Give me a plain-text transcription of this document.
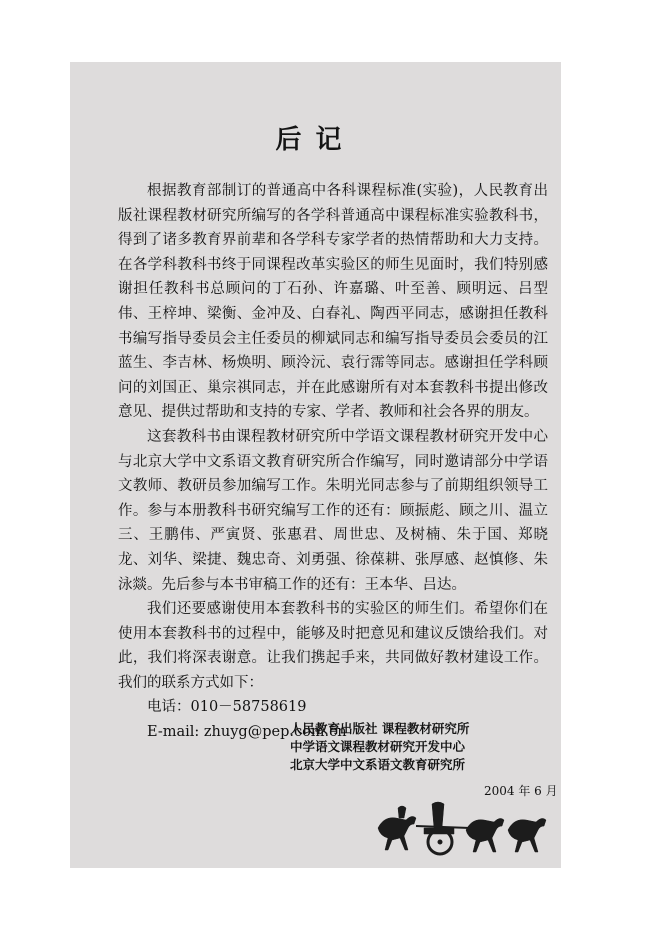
后记

根据教育部制订的普通高中各科课程标准(实验)，人民教育出版社课程教材研究所编写的各学科普通高中课程标准实验教科书，得到了诸多教育界前辈和各学科专家学者的热情帮助和大力支持。在各学科教科书终于同课程改革实验区的师生见面时，我们特别感谢担任教科书总顾问的丁石孙、许嘉璐、叶至善、顾明远、吕型伟、王梓坤、梁衡、金冲及、白春礼、陶西平同志，感谢担任教科书编写指导委员会主任委员的柳斌同志和编写指导委员会委员的江蓝生、李吉林、杨焕明、顾泠沅、袁行霈等同志。感谢担任学科顾问的刘国正、巢宗祺同志，并在此感谢所有对本套教科书提出修改意见、提供过帮助和支持的专家、学者、教师和社会各界的朋友。

这套教科书由课程教材研究所中学语文课程教材研究开发中心与北京大学中文系语文教育研究所合作编写，同时邀请部分中学语文教师、教研员参加编写工作。朱明光同志参与了前期组织领导工作。参与本册教科书研究编写工作的还有：顾振彪、顾之川、温立三、王鹏伟、严寅贤、张惠君、周世忠、及树楠、朱于国、郑晓龙、刘华、梁捷、魏忠奇、刘勇强、徐葆耕、张厚感、赵慎修、朱泳燚。先后参与本书审稿工作的还有：王本华、吕达。

我们还要感谢使用本套教科书的实验区的师生们。希望你们在使用本套教科书的过程中，能够及时把意见和建议反馈给我们。对此，我们将深表谢意。让我们携起手来，共同做好教材建设工作。我们的联系方式如下：

电话：010－58758619
E-mail: zhuyg@pep.com.cn
人民教育出版社 课程教材研究所
中学语文课程教材研究开发中心
北京大学中文系语文教育研究所
2004 年 6 月
